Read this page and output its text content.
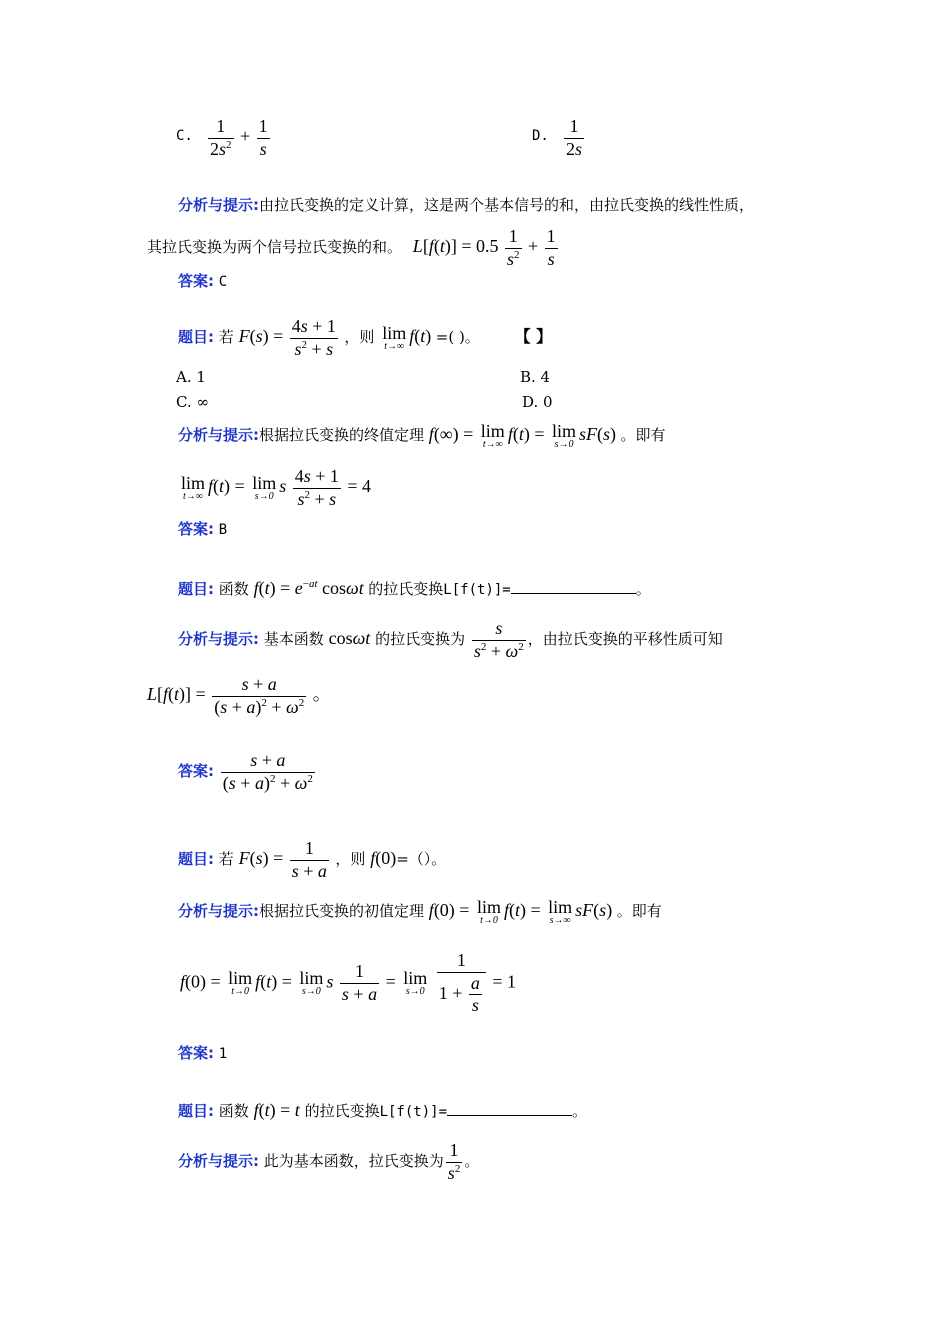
C. $\frac{1}{2s^2} + \frac{1}{s}$	D. $\frac{1}{2s}$
分析与提示:由拉氏变换的定义计算，这是两个基本信号的和，由拉氏变换的线性性质，
其拉氏变换为两个信号拉氏变换的和。 $L[f(t)] = 0.5 \frac{1}{s^2} + \frac{1}{s}$
答案: C
题目: 若 $F(s) = \frac{4s + 1}{s^2 + s}$ ，则 lim
t→∞
f(t) =( )。 【 】
A. 1	B. 4
C. ∞	D. 0
分析与提示:根据拉氏变换的终值定理 f(∞) = lim
t→∞
f(t) = lim
s→0
sF(s) 。即有
lim
t→∞
f(t) = lim
s→0
s $\frac{4s + 1}{s^2 + s} = 4$
答案: B
题目: 函数 $f(t) = e^{-at}$ cosωt 的拉氏变换L[f(t)]=	。
分析与提示: 基本函数 cosωt 的拉氏变换为 $\frac{s}{s^2 + \omega^2}$ ，由拉氏变换的平移性质可知
$L[f(t)] = \frac{s + a}{(s + a)^2 + \omega^2}$ 。
答案: $\frac{s + a}{(s + a)^2 + \omega^2}$
题目: 若 $F(s) = \frac{1}{s + a}$ ，则 f(0)=（）。
分析与提示:根据拉氏变换的初值定理 f(0) = lim
t→0
f(t) = lim
s→∞
sF(s) 。即有
f(0) = lim
t→0
f(t) = lim
s→0
s $\frac{1}{s + a} = \lim$
s→0
$\frac{1}{1 + \frac{a}{s}} = 1$
答案: 1
题目: 函数 f(t) = t 的拉氏变换L[f(t)]=	。
分析与提示: 此为基本函数，拉氏变换为 $\frac{1}{s^2}$ 。
